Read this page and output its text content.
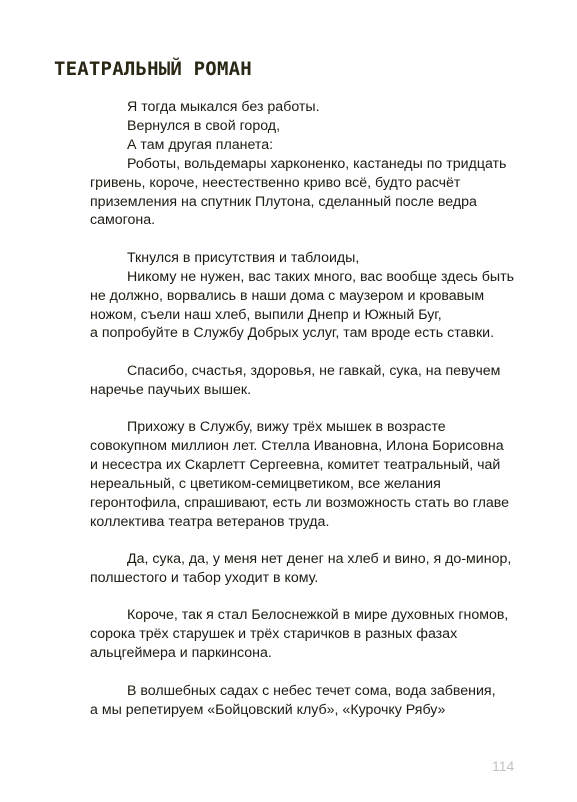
ТЕАТРАЛЬНЫЙ РОМАН
Я тогда мыкался без работы.
Вернулся в свой город,
А там другая планета:
Роботы, вольдемары харконенко, кастанеды по тридцать
гривень, короче, неестественно криво всё, будто расчёт
приземления на спутник Плутона, сделанный после ведра
самогона.
Ткнулся в присутствия и таблоиды,
Никому не нужен, вас таких много, вас вообще здесь быть
не должно, ворвались в наши дома с маузером и кровавым
ножом, съели наш хлеб, выпили Днепр и Южный Буг,
а попробуйте в Службу Добрых услуг, там вроде есть ставки.
Спасибо, счастья, здоровья, не гавкай, сука, на певучем
наречье паучьих вышек.
Прихожу в Службу, вижу трёх мышек в возрасте
совокупном миллион лет. Стелла Ивановна, Илона Борисовна
и несестра их Скарлетт Сергеевна, комитет театральный, чай
нереальный, с цветиком-семицветиком, все желания
геронтофила, спрашивают, есть ли возможность стать во главе
коллектива театра ветеранов труда.
Да, сука, да, у меня нет денег на хлеб и вино, я до-минор,
полшестого и табор уходит в кому.
Короче, так я стал Белоснежкой в мире духовных гномов,
сорока трёх старушек и трёх старичков в разных фазах
альцгеймера и паркинсона.
В волшебных садах с небес течет сома, вода забвения,
а мы репетируем «Бойцовский клуб», «Курочку Рябу»
114
